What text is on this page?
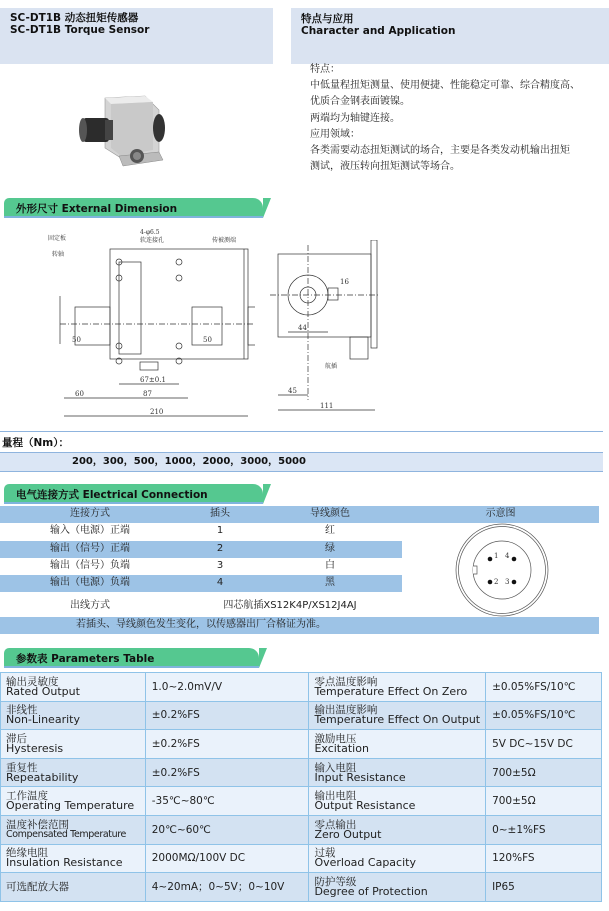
SC-DT1B 动态扭矩传感器
SC-DT1B Torque Sensor
特点与应用
Character and Application
特点：
中低量程扭矩测量、使用便捷、性能稳定可靠、综合精度高、
优质合金钢表面镀镍。
两端均为轴键连接。
应用领域：
各类需要动态扭矩测试的场合，主要是各类发动机输出扭矩
测试，液压转向扭矩测试等场合。
外形尺寸 External Dimension
60	87
210
67±0.1
50	50
固定板
转轴
4-φ6.5
软连接孔	传被测端
45
111
44
16
航插
量程（Nm）：
200，300，500，1000，2000，3000，5000
电气连接方式 Electrical Connection
连接方式	插头	导线颜色	示意图
输入（电源）正端	1	红
输出（信号）正端	2	绿
输出（信号）负端	3	白
输出（电源）负端	4	黑
出线方式	四芯航插XS12K4P/XS12J4AJ
若插头、导线颜色发生变化，以传感器出厂合格证为准。
1 4
2 3
参数表 Parameters Table
输出灵敏度
Rated Output	1.0~2.0mV/V	零点温度影响
Temperature Effect On Zero	±0.05%FS/10℃

非线性
Non-Linearity	±0.2%FS	输出温度影响
Temperature Effect On Output	±0.05%FS/10℃

滞后
Hysteresis	±0.2%FS	激励电压
Excitation	5V DC~15V DC

重复性
Repeatability	±0.2%FS	输入电阻
Input Resistance	700±5Ω

工作温度
Operating Temperature	-35℃~80℃	输出电阻
Output Resistance	700±5Ω

温度补偿范围
Compensated Temperature	20℃~60℃	零点输出
Zero Output	0~±1%FS

绝缘电阻
Insulation Resistance	2000MΩ/100V DC	过载
Overload Capacity	120%FS

可选配放大器	4~20mA；0~5V；0~10V	防护等级
Degree of Protection	IP65
